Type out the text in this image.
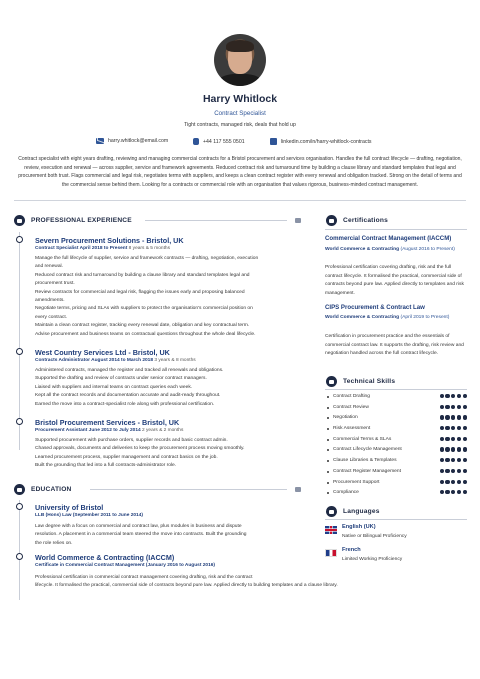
Harry Whitlock
Contract Specialist
Tight contracts, managed risk, deals that hold up
harry.whitlock@email.com	+44 117 555 0501	linkedin.com/in/harry-whitlock-contracts
Contract specialist with eight years drafting, reviewing and managing commercial contracts for a Bristol procurement and services organisation. Handles the full contract lifecycle — drafting, negotiation, review, execution and renewal — across supplier, service and framework agreements. Reduced contract risk and turnaround time by building a clause library and standard templates that legal and procurement both trust. Flags commercial and legal risk, negotiates terms with suppliers, and keeps a clean contract register with every renewal and obligation tracked. Strong on the detail of terms and the commercial sense behind them. Looking for a contracts or commercial role with an organisation that values rigorous, business-minded contract management.
PROFESSIONAL EXPERIENCE
Severn Procurement Solutions - Bristol, UK
Contract Specialist April 2018 to Present 8 years & 5 months
Manage the full lifecycle of supplier, service and framework contracts — drafting, negotiation, execution
and renewal.
Reduced contract risk and turnaround by building a clause library and standard templates legal and
procurement trust.
Review contracts for commercial and legal risk, flagging the issues early and proposing balanced
amendments.
Negotiate terms, pricing and SLAs with suppliers to protect the organisation's commercial position on
every contract.
Maintain a clean contract register, tracking every renewal date, obligation and key contractual term.
Advise procurement and business teams on contractual questions throughout the whole deal lifecycle.
West Country Services Ltd - Bristol, UK
Contracts Administrator August 2014 to March 2018 3 years & 8 months
Administered contracts, managed the register and tracked all renewals and obligations.
Supported the drafting and review of contracts under senior contract managers.
Liaised with suppliers and internal teams on contract queries each week.
Kept all the contract records and documentation accurate and audit-ready throughout.
Earned the move into a contract-specialist role along with professional certification.
Bristol Procurement Services - Bristol, UK
Procurement Assistant June 2012 to July 2014 2 years & 2 months
Supported procurement with purchase orders, supplier records and basic contract admin.
Chased approvals, documents and deliveries to keep the procurement process moving smoothly.
Learned procurement process, supplier management and contract basics on the job.
Built the grounding that led into a full contracts-administrator role.
EDUCATION
University of Bristol
LLB (Hons) Law (September 2011 to June 2014)
Law degree with a focus on commercial and contract law, plus modules in business and dispute
resolution. A placement in a commercial team steered the move into contracts. Built the grounding
the role relies on.
World Commerce & Contracting (IACCM)
Certificate in Commercial Contract Management (January 2016 to August 2016)
Professional certification in commercial contract management covering drafting, risk and the contract
lifecycle. It formalised the practical, commercial side of contracts beyond pure law. Applied directly to building templates and a clause library.
Certifications
Commercial Contract Management (IACCM)
World Commerce & Contracting (August 2016 to Present)
Professional certification covering drafting, risk and the full contract lifecycle. It formalised the practical, commercial side of contracts beyond pure law. Applied directly to templates and risk management.
CIPS Procurement & Contract Law
World Commerce & Contracting (April 2019 to Present)
Certification in procurement practice and the essentials of commercial contract law. It supports the drafting, risk review and negotiation handled across the full contract lifecycle.
Technical Skills
Contract Drafting
Contract Review
Negotiation
Risk Assessment
Commercial Terms & SLAs
Contract Lifecycle Management
Clause Libraries & Templates
Contract Register Management
Procurement Support
Compliance
Languages
English (UK)
Native or Bilingual Proficiency
French
Limited Working Proficiency
